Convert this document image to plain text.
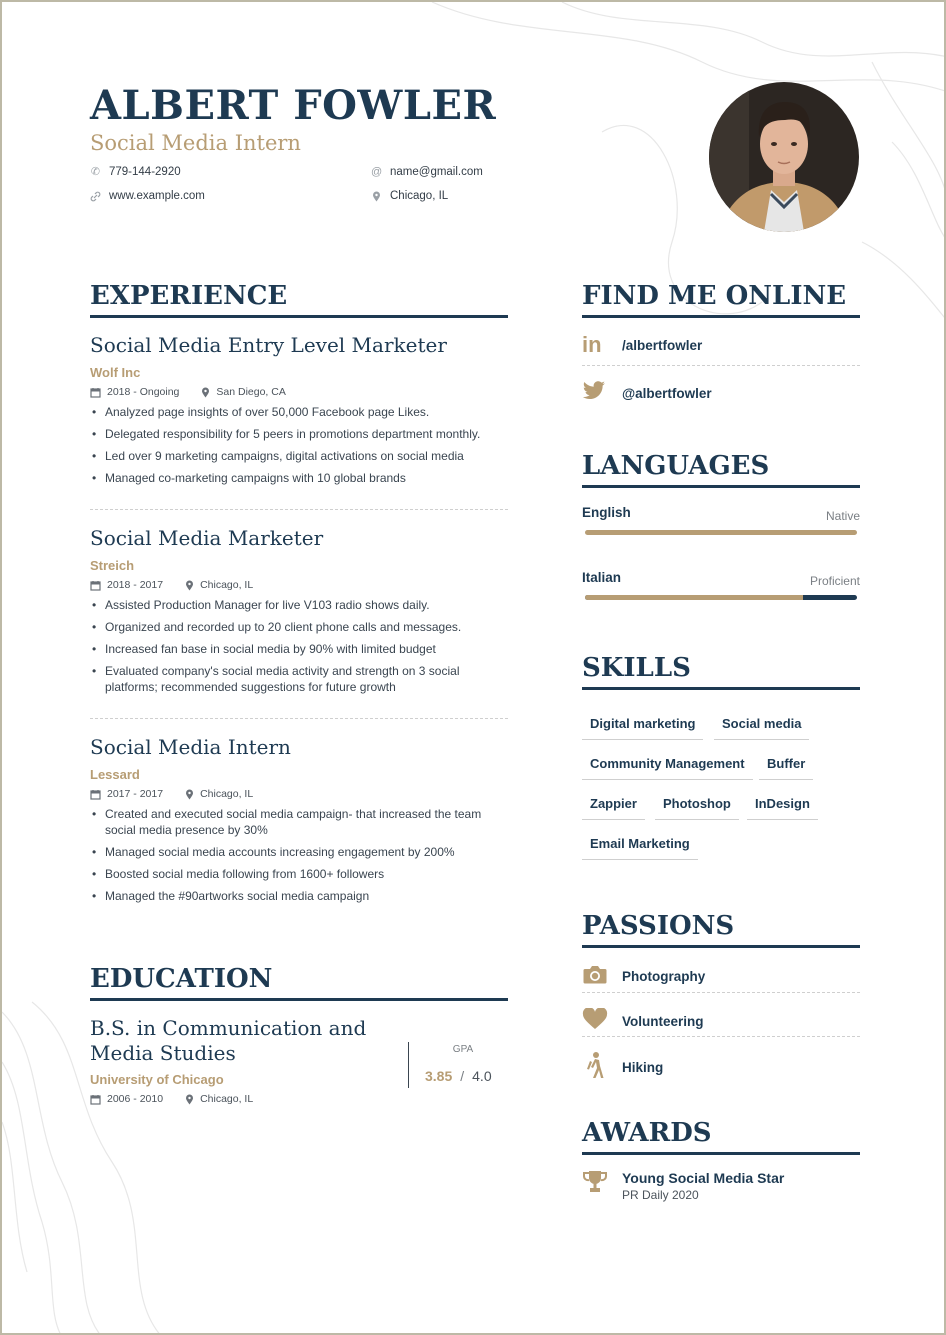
ALBERT FOWLER
Social Media Intern
✆ 779-144-2920	@ name@gmail.com
www.example.com	Chicago, IL
EXPERIENCE
Social Media Entry Level Marketer
Wolf Inc
2018 - Ongoing	San Diego, CA
• Analyzed page insights of over 50,000 Facebook page Likes.
• Delegated responsibility for 5 peers in promotions department monthly.
• Led over 9 marketing campaigns, digital activations on social media
• Managed co-marketing campaigns with 10 global brands
Social Media Marketer
Streich
2018 - 2017	Chicago, IL
• Assisted Production Manager for live V103 radio shows daily.
• Organized and recorded up to 20 client phone calls and messages.
• Increased fan base in social media by 90% with limited budget
• Evaluated company's social media activity and strength on 3 social platforms; recommended suggestions for future growth
Social Media Intern
Lessard
2017 - 2017	Chicago, IL
• Created and executed social media campaign- that increased the team social media presence by 30%
• Managed social media accounts increasing engagement by 200%
• Boosted social media following from 1600+ followers
• Managed the #90artworks social media campaign
EDUCATION
B.S. in Communication and Media Studies
University of Chicago
2006 - 2010	Chicago, IL
GPA
3.85 / 4.0
FIND ME ONLINE
in	/albertfowler
@albertfowler
LANGUAGES
English	Native
Italian	Proficient
SKILLS
Digital marketing	Social media
Community Management	Buffer
Zappier	Photoshop	InDesign
Email Marketing
PASSIONS
Photography
Volunteering
Hiking
AWARDS
Young Social Media Star
PR Daily 2020
